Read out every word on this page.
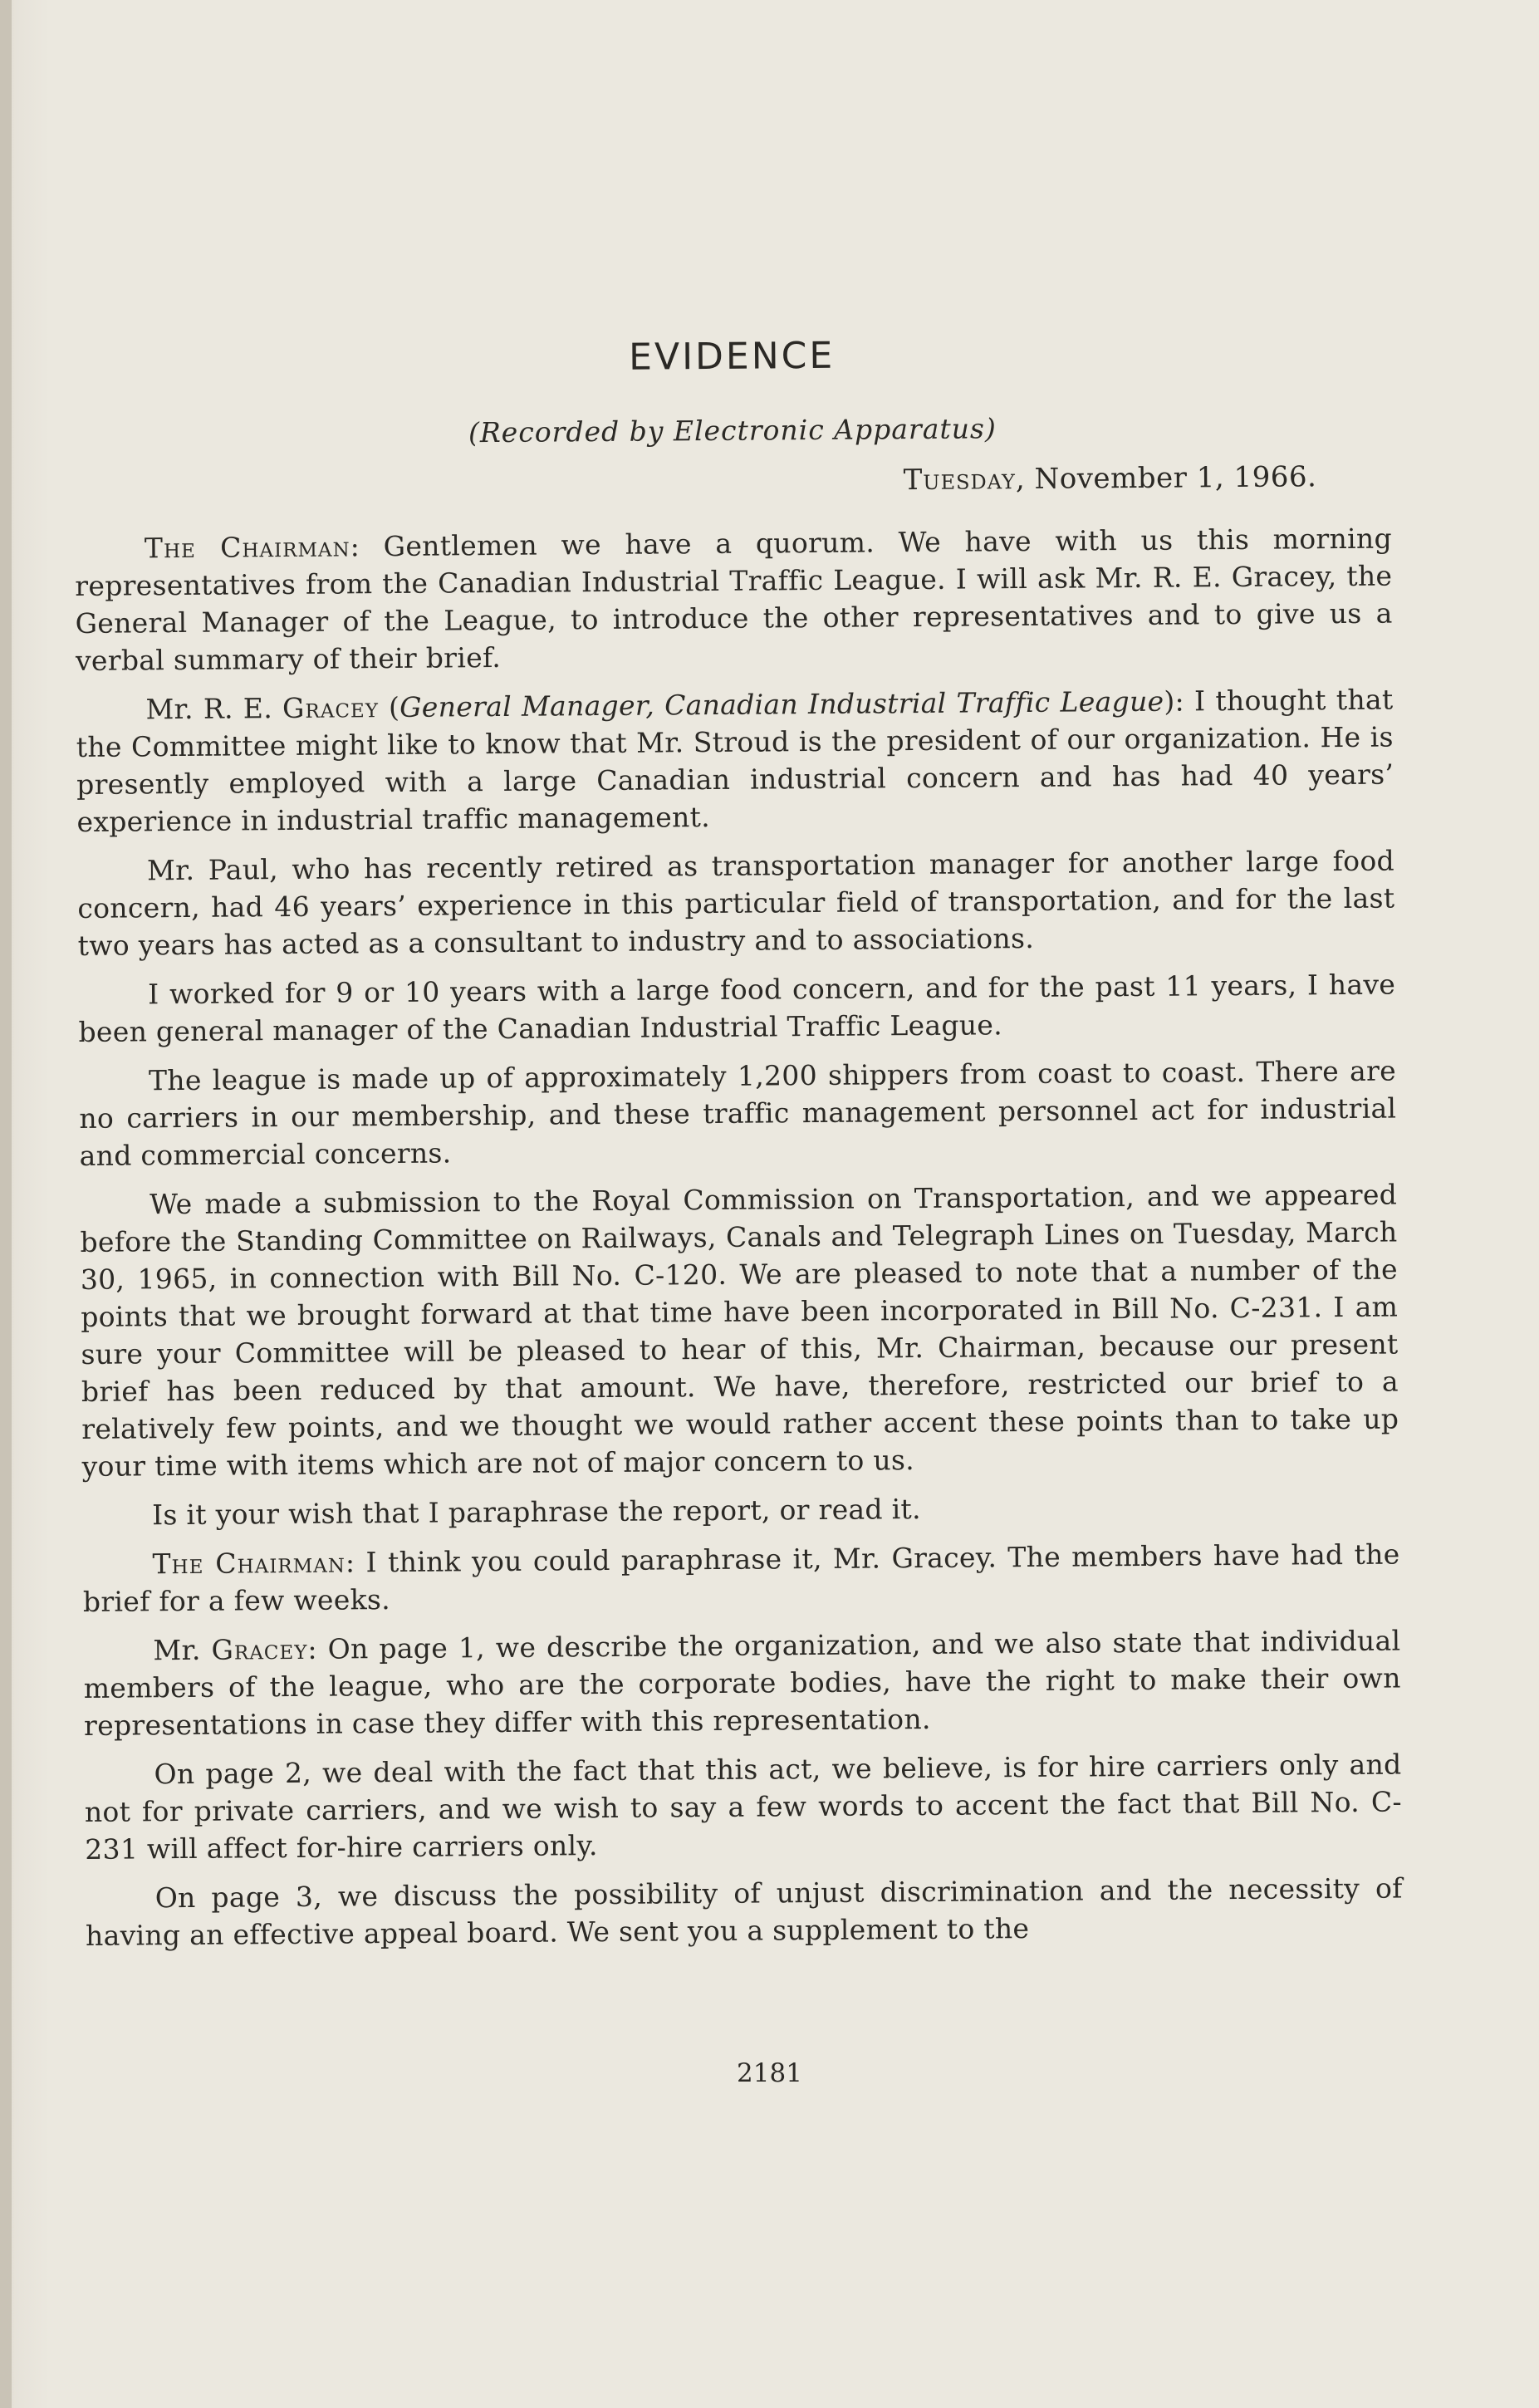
EVIDENCE
(Recorded by Electronic Apparatus)
Tuesday, November 1, 1966.

The Chairman: Gentlemen we have a quorum. We have with us this morning representatives from the Canadian Industrial Traffic League. I will ask Mr. R. E. Gracey, the General Manager of the League, to introduce the other representatives and to give us a verbal summary of their brief.

Mr. R. E. Gracey (General Manager, Canadian Industrial Traffic League): I thought that the Committee might like to know that Mr. Stroud is the president of our organization. He is presently employed with a large Canadian industrial concern and has had 40 years’ experience in industrial traffic management.

Mr. Paul, who has recently retired as transportation manager for another large food concern, had 46 years’ experience in this particular field of transportation, and for the last two years has acted as a consultant to industry and to associations.

I worked for 9 or 10 years with a large food concern, and for the past 11 years, I have been general manager of the Canadian Industrial Traffic League.

The league is made up of approximately 1,200 shippers from coast to coast. There are no carriers in our membership, and these traffic management personnel act for industrial and commercial concerns.

We made a submission to the Royal Commission on Transportation, and we appeared before the Standing Committee on Railways, Canals and Telegraph Lines on Tuesday, March 30, 1965, in connection with Bill No. C-120. We are pleased to note that a number of the points that we brought forward at that time have been incorporated in Bill No. C-231. I am sure your Committee will be pleased to hear of this, Mr. Chairman, because our present brief has been reduced by that amount. We have, therefore, restricted our brief to a relatively few points, and we thought we would rather accent these points than to take up your time with items which are not of major concern to us.

Is it your wish that I paraphrase the report, or read it.

The Chairman: I think you could paraphrase it, Mr. Gracey. The members have had the brief for a few weeks.

Mr. Gracey: On page 1, we describe the organization, and we also state that individual members of the league, who are the corporate bodies, have the right to make their own representations in case they differ with this representation.

On page 2, we deal with the fact that this act, we believe, is for hire carriers only and not for private carriers, and we wish to say a few words to accent the fact that Bill No. C-231 will affect for-hire carriers only.

On page 3, we discuss the possibility of unjust discrimination and the necessity of having an effective appeal board. We sent you a supplement to the

2181
